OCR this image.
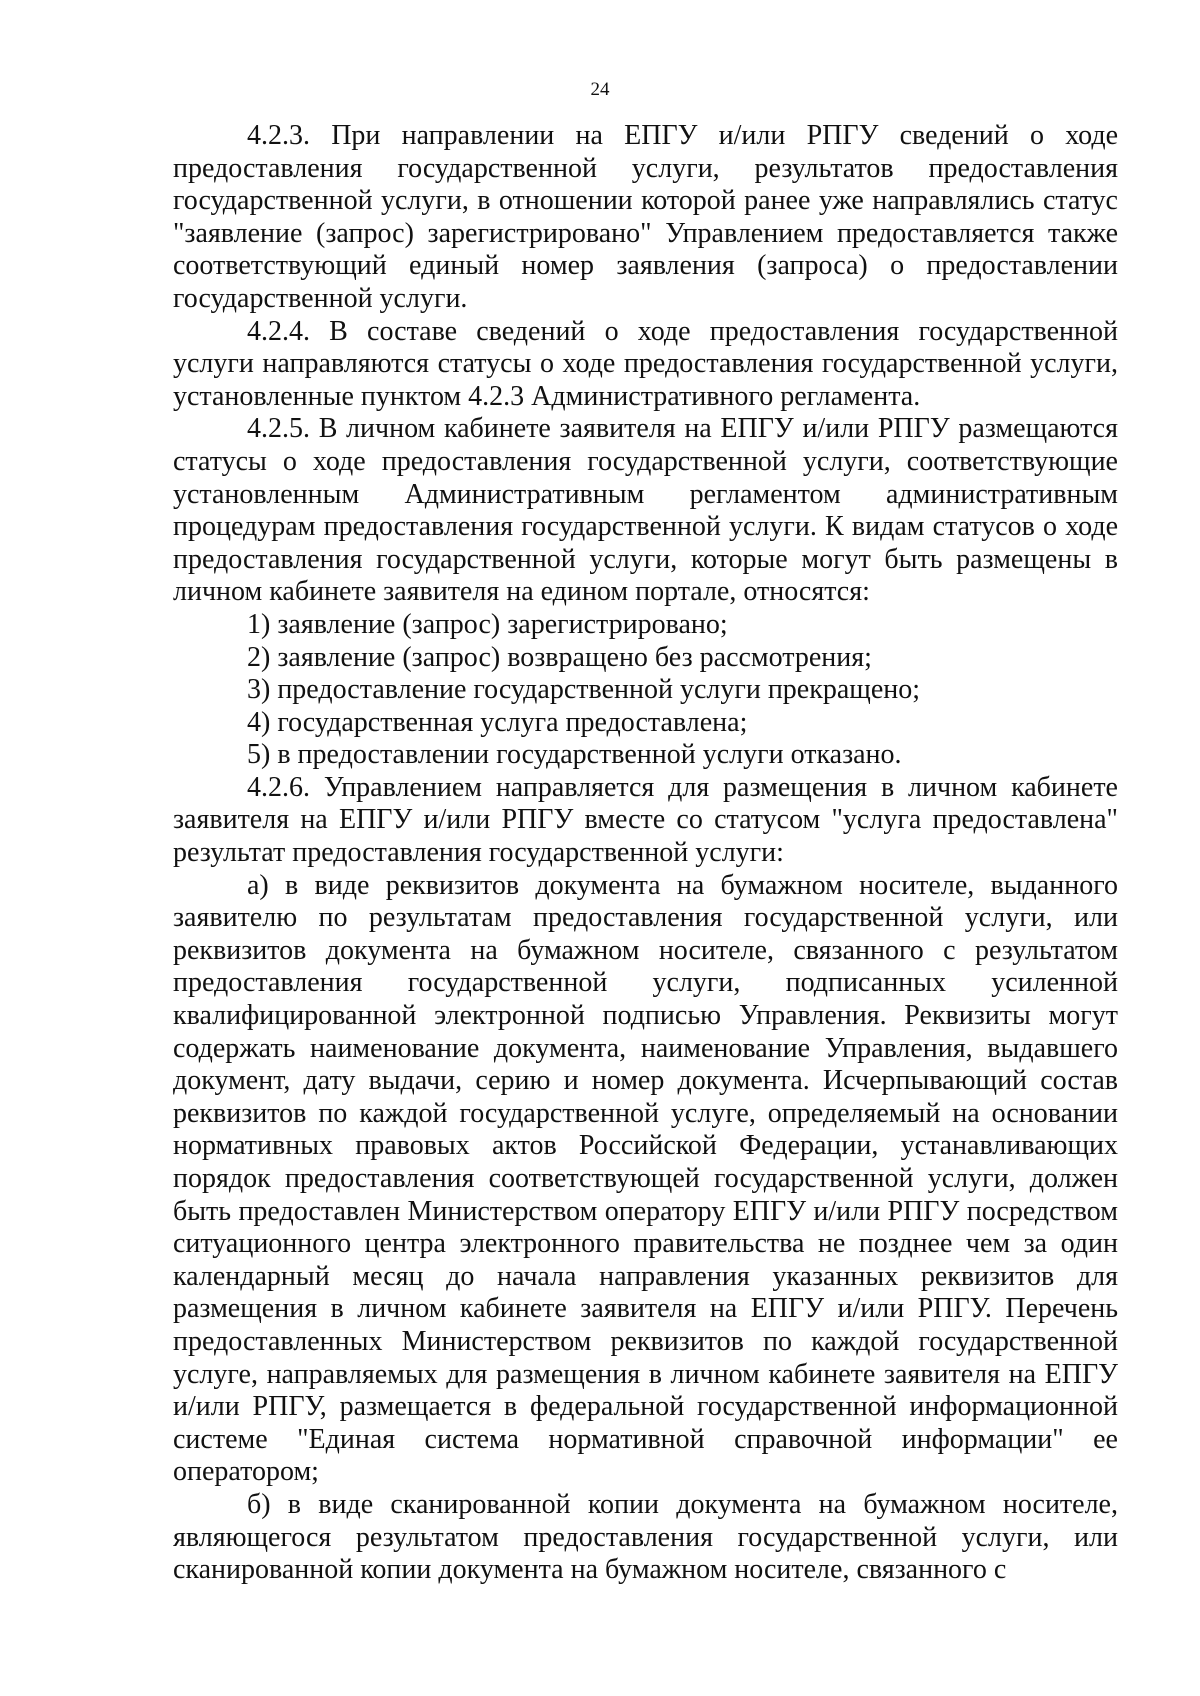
24

4.2.3. При направлении на ЕПГУ и/или РПГУ сведений о ходе предоставления государственной услуги, результатов предоставления государственной услуги, в отношении которой ранее уже направлялись статус "заявление (запрос) зарегистрировано" Управлением предоставляется также соответствующий единый номер заявления (запроса) о предоставлении государственной услуги.

4.2.4. В составе сведений о ходе предоставления государственной услуги направляются статусы о ходе предоставления государственной услуги, установленные пунктом 4.2.3 Административного регламента.

4.2.5. В личном кабинете заявителя на ЕПГУ и/или РПГУ размещаются статусы о ходе предоставления государственной услуги, соответствующие установленным Административным регламентом административным процедурам предоставления государственной услуги. К видам статусов о ходе предоставления государственной услуги, которые могут быть размещены в личном кабинете заявителя на едином портале, относятся:

1) заявление (запрос) зарегистрировано;

2) заявление (запрос) возвращено без рассмотрения;

3) предоставление государственной услуги прекращено;

4) государственная услуга предоставлена;

5) в предоставлении государственной услуги отказано.

4.2.6. Управлением направляется для размещения в личном кабинете заявителя на ЕПГУ и/или РПГУ вместе со статусом "услуга предоставлена" результат предоставления государственной услуги:

а) в виде реквизитов документа на бумажном носителе, выданного заявителю по результатам предоставления государственной услуги, или реквизитов документа на бумажном носителе, связанного с результатом предоставления государственной услуги, подписанных усиленной квалифицированной электронной подписью Управления. Реквизиты могут содержать наименование документа, наименование Управления, выдавшего документ, дату выдачи, серию и номер документа. Исчерпывающий состав реквизитов по каждой государственной услуге, определяемый на основании нормативных правовых актов Российской Федерации, устанавливающих порядок предоставления соответствующей государственной услуги, должен быть предоставлен Министерством оператору ЕПГУ и/или РПГУ посредством ситуационного центра электронного правительства не позднее чем за один календарный месяц до начала направления указанных реквизитов для размещения в личном кабинете заявителя на ЕПГУ и/или РПГУ. Перечень предоставленных Министерством реквизитов по каждой государственной услуге, направляемых для размещения в личном кабинете заявителя на ЕПГУ и/или РПГУ, размещается в федеральной государственной информационной системе "Единая система нормативной справочной информации" ее оператором;

б) в виде сканированной копии документа на бумажном носителе, являющегося результатом предоставления государственной услуги, или сканированной копии документа на бумажном носителе, связанного с
